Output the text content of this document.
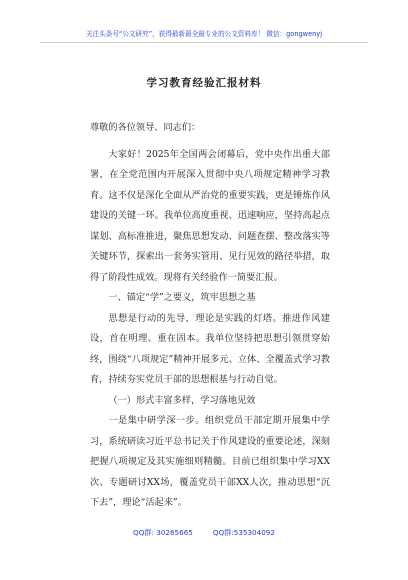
关注头条号“公文研究”，获得最新最全最专业的公文资料库！ 微信：gongwenyj
学习教育经验汇报材料

尊敬的各位领导、同志们：

大家好！2025年全国两会闭幕后，党中央作出重大部署，在全党范围内开展深入贯彻中央八项规定精神学习教育。这不仅是深化全面从严治党的重要实践，更是锤炼作风建设的关键一环。我单位高度重视、迅速响应，坚持高起点谋划、高标准推进，聚焦思想发动、问题查摆、整改落实等关键环节，探索出一套务实管用、见行见效的路径举措，取得了阶段性成效。现将有关经验作一简要汇报。

一、锚定“学”之要义，筑牢思想之基

思想是行动的先导，理论是实践的灯塔。推进作风建设，首在明理、重在固本。我单位坚持把思想引领贯穿始终，围绕“八项规定”精神开展多元、立体、全覆盖式学习教育，持续夯实党员干部的思想根基与行动自觉。

（一）形式丰富多样，学习落地见效

一是集中研学深一步。组织党员干部定期开展集中学习，系统研读习近平总书记关于作风建设的重要论述，深刻把握八项规定及其实施细则精髓。目前已组织集中学习XX次、专题研讨XX场，覆盖党员干部XX人次，推动思想“沉下去”，理论“活起来”。

QQ群: 30265665	QQ群:535304092
